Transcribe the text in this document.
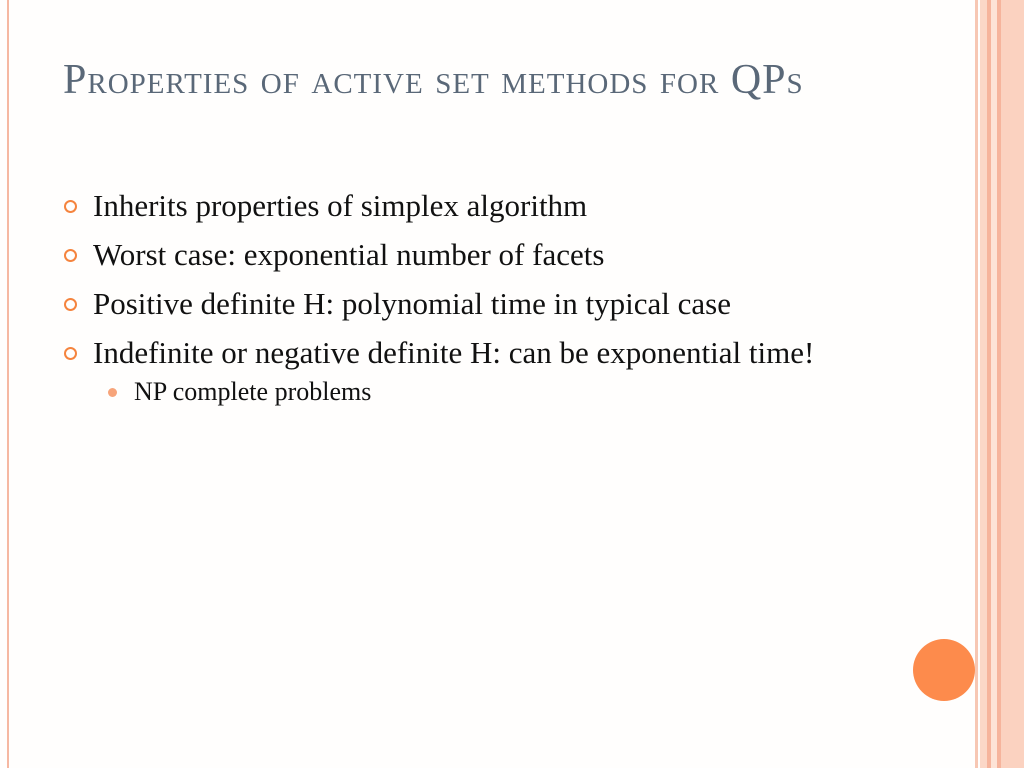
Properties of active set methods for QPs
Inherits properties of simplex algorithm
Worst case: exponential number of facets
Positive definite H: polynomial time in typical case
Indefinite or negative definite H: can be exponential time!
NP complete problems
